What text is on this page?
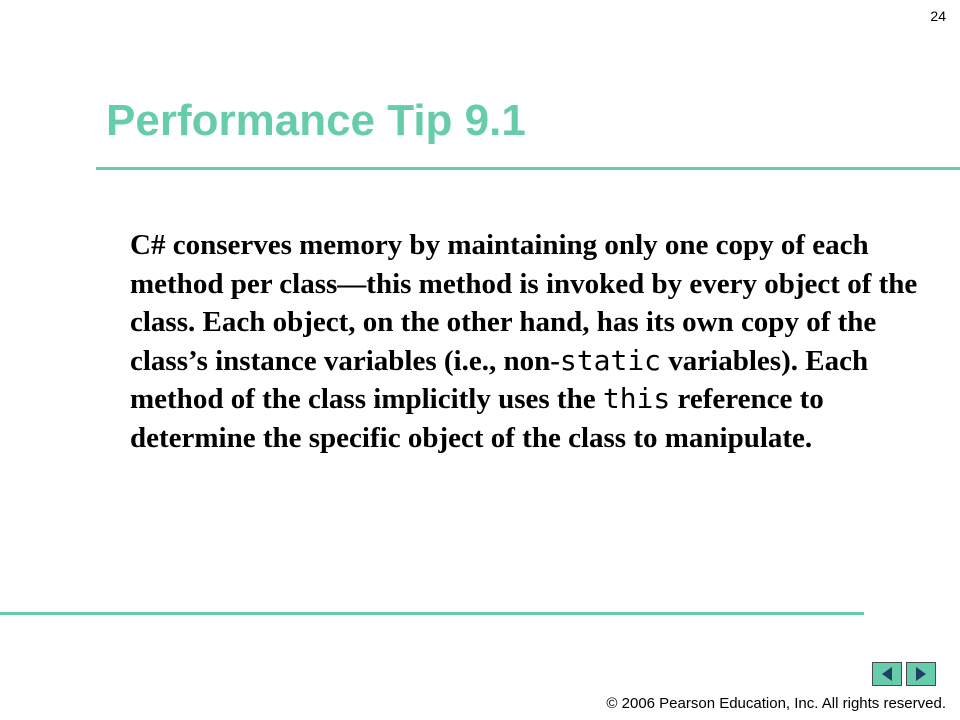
24
Performance Tip 9.1

C# conserves memory by maintaining only one copy of each method per class—this method is invoked by every object of the class. Each object, on the other hand, has its own copy of the class’s instance variables (i.e., non-static variables). Each method of the class implicitly uses the this reference to determine the specific object of the class to manipulate.

© 2006 Pearson Education, Inc. All rights reserved.
